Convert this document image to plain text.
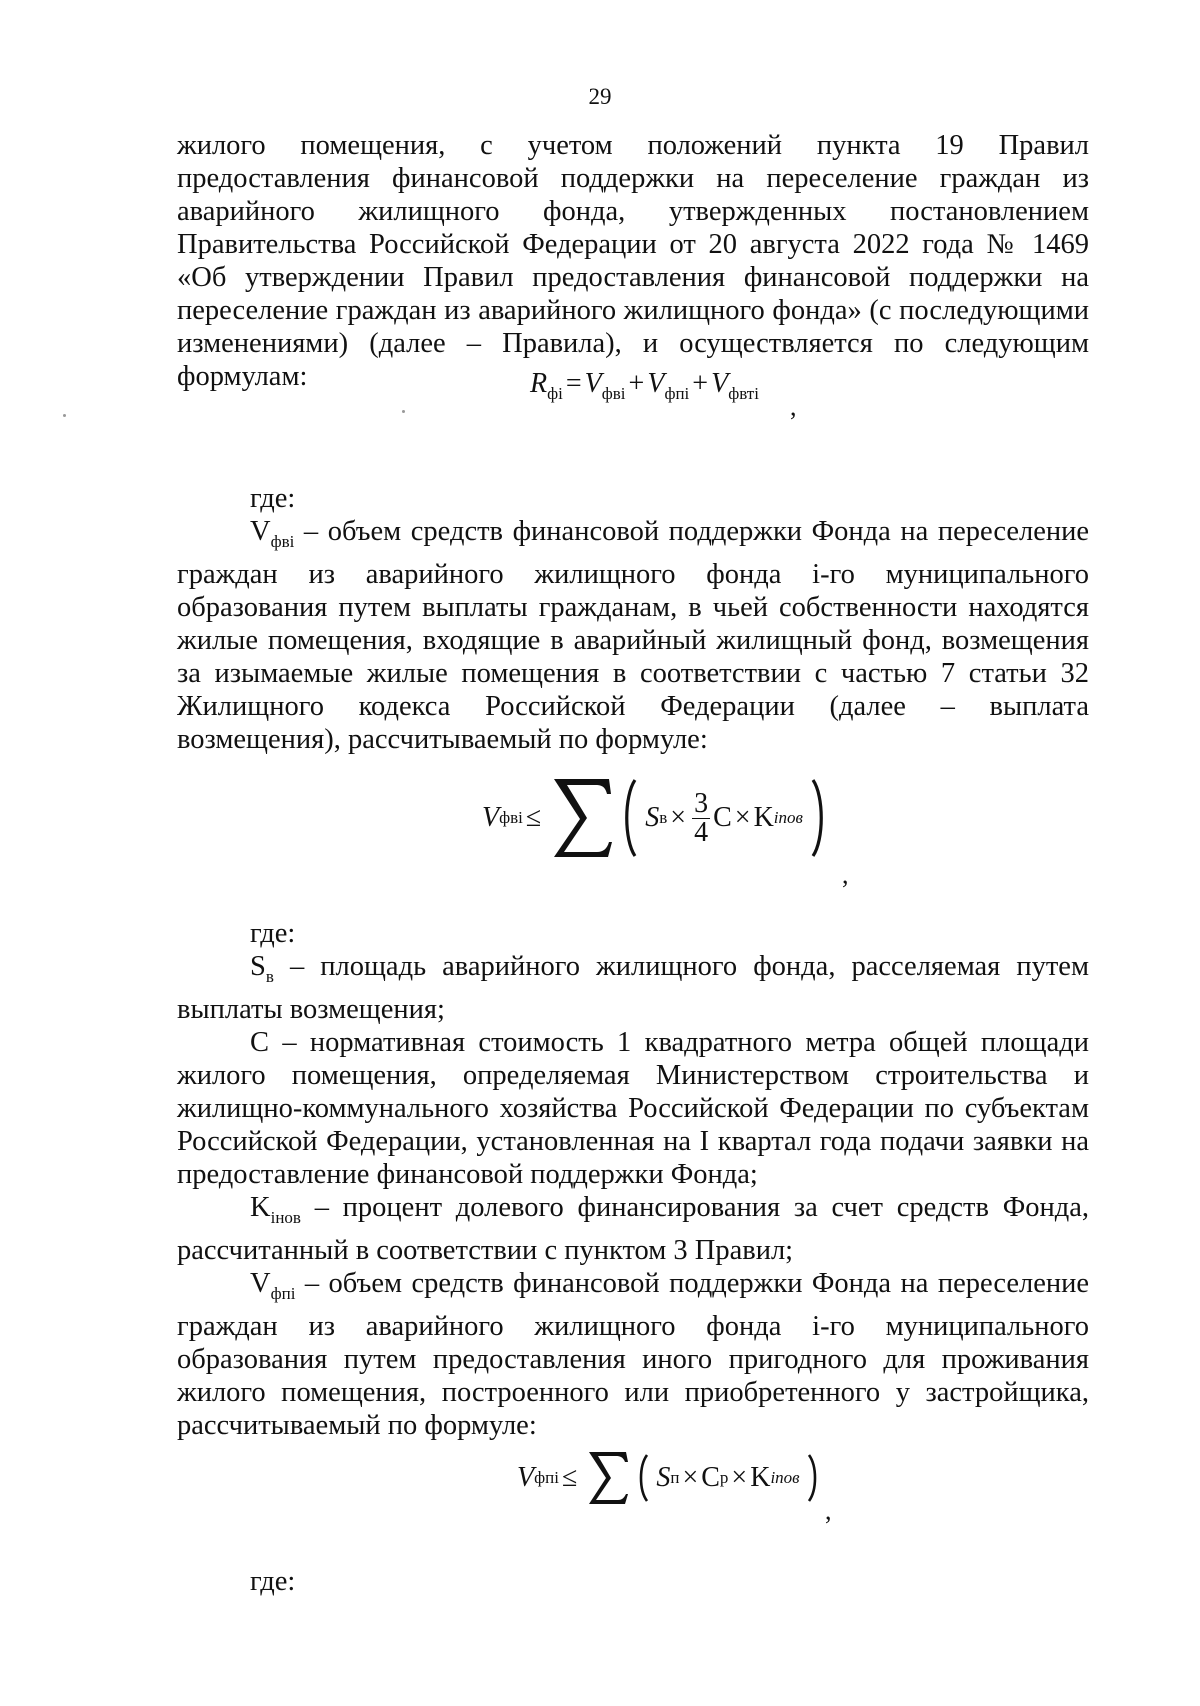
29

жилого помещения, с учетом положений пункта 19 Правил предоставления финансовой поддержки на переселение граждан из аварийного жилищного фонда, утвержденных постановлением Правительства Российской Федерации от 20 августа 2022 года № 1469 «Об утверждении Правил предоставления финансовой поддержки на переселение граждан из аварийного жилищного фонда» (с последующими изменениями) (далее – Правила), и осуществляется по следующим формулам:	$R_{фі} = V_{фві} + V_{фпі} + V_{фвті}$ ,

где:

$V_{фві}$ – объем средств финансовой поддержки Фонда на переселение граждан из аварийного жилищного фонда i-го муниципального образования путем выплаты гражданам, в чьей собственности находятся жилые помещения, входящие в аварийный жилищный фонд, возмещения за изымаемые жилые помещения в соответствии с частью 7 статьи 32 Жилищного кодекса Российской Федерации (далее – выплата возмещения), рассчитываемый по формуле:

Vфві ≤	Sв × $\frac{3}{4}$ C × Kіnов
,

где:

$S_в$ – площадь аварийного жилищного фонда, расселяемая путем выплаты возмещения;

С – нормативная стоимость 1 квадратного метра общей площади жилого помещения, определяемая Министерством строительства и жилищно-коммунального хозяйства Российской Федерации по субъектам Российской Федерации, установленная на I квартал года подачи заявки на предоставление финансовой поддержки Фонда;

$K_{iнов}$ – процент долевого финансирования за счет средств Фонда, рассчитанный в соответствии с пунктом 3 Правил;

$V_{фпі}$ – объем средств финансовой поддержки Фонда на переселение граждан из аварийного жилищного фонда i-го муниципального образования путем предоставления иного пригодного для проживания жилого помещения, построенного или приобретенного у застройщика, рассчитываемый по формуле:

Vфпі ≤	Sп × Cр × Kіnов
,

где:
